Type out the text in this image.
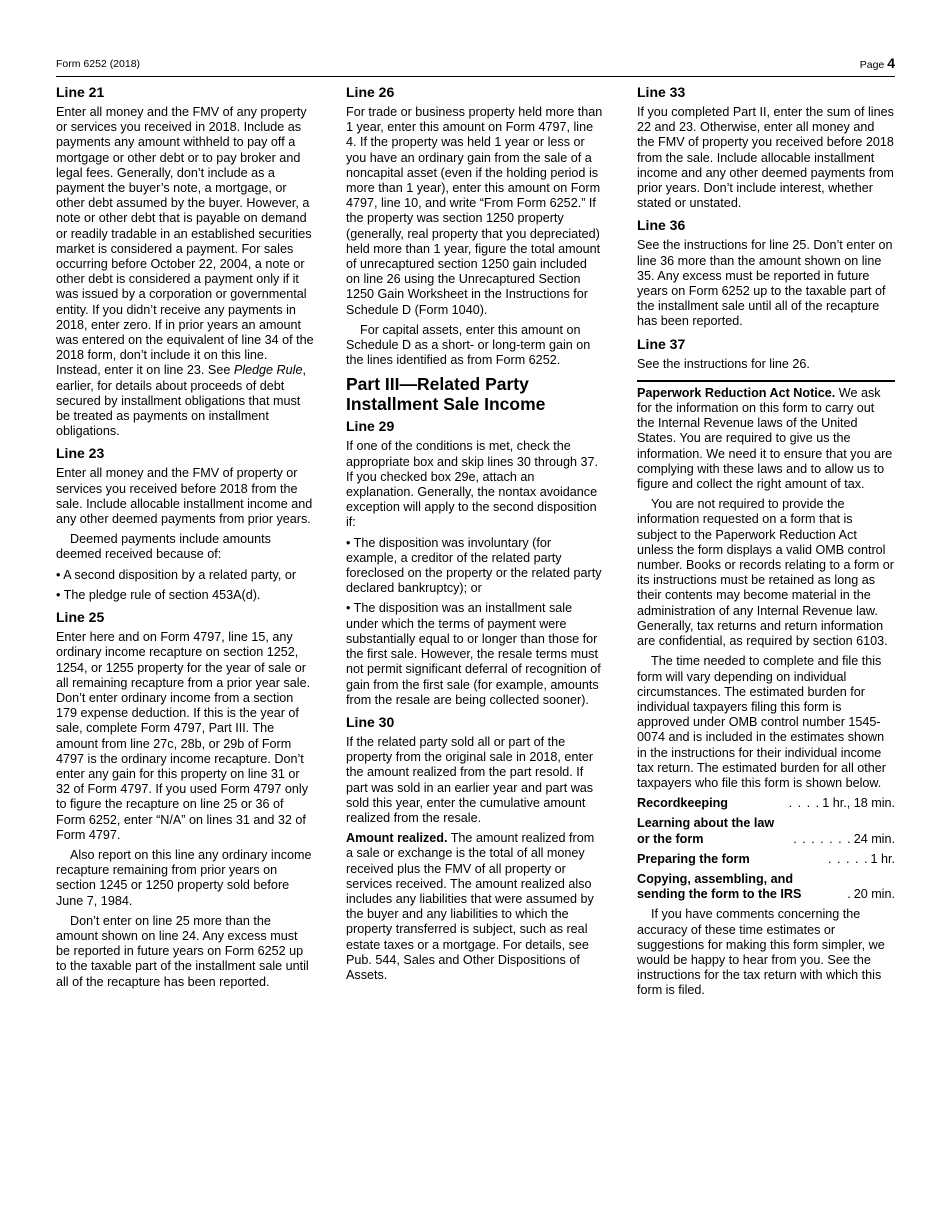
Form 6252 (2018)	Page 4
Line 21

Enter all money and the FMV of any property or services you received in 2018. Include as payments any amount withheld to pay off a mortgage or other debt or to pay broker and legal fees. Generally, don’t include as a payment the buyer’s note, a mortgage, or other debt assumed by the buyer. However, a note or other debt that is payable on demand or readily tradable in an established securities market is considered a payment. For sales occurring before October 22, 2004, a note or other debt is considered a payment only if it was issued by a corporation or governmental entity. If you didn’t receive any payments in 2018, enter zero. If in prior years an amount was entered on the equivalent of line 34 of the 2018 form, don’t include it on this line. Instead, enter it on line 23. See Pledge Rule, earlier, for details about proceeds of debt secured by installment obligations that must be treated as payments on installment obligations.

Line 23

Enter all money and the FMV of property or services you received before 2018 from the sale. Include allocable installment income and any other deemed payments from prior years.

Deemed payments include amounts deemed received because of:

• A second disposition by a related party, or

• The pledge rule of section 453A(d).

Line 25

Enter here and on Form 4797, line 15, any ordinary income recapture on section 1252, 1254, or 1255 property for the year of sale or all remaining recapture from a prior year sale. Don’t enter ordinary income from a section 179 expense deduction. If this is the year of sale, complete Form 4797, Part III. The amount from line 27c, 28b, or 29b of Form 4797 is the ordinary income recapture. Don’t enter any gain for this property on line 31 or 32 of Form 4797. If you used Form 4797 only to figure the recapture on line 25 or 36 of Form 6252, enter “N/A” on lines 31 and 32 of Form 4797.

Also report on this line any ordinary income recapture remaining from prior years on section 1245 or 1250 property sold before June 7, 1984.

Don’t enter on line 25 more than the amount shown on line 24. Any excess must be reported in future years on Form 6252 up to the taxable part of the installment sale until all of the recapture has been reported.

Line 26

For trade or business property held more than 1 year, enter this amount on Form 4797, line 4. If the property was held 1 year or less or you have an ordinary gain from the sale of a noncapital asset (even if the holding period is more than 1 year), enter this amount on Form 4797, line 10, and write “From Form 6252.” If the property was section 1250 property (generally, real property that you depreciated) held more than 1 year, figure the total amount of unrecaptured section 1250 gain included on line 26 using the Unrecaptured Section 1250 Gain Worksheet in the Instructions for Schedule D (Form 1040).

For capital assets, enter this amount on Schedule D as a short- or long-term gain on the lines identified as from Form 6252.

Part III—Related Party Installment Sale Income
Line 29

If one of the conditions is met, check the appropriate box and skip lines 30 through 37. If you checked box 29e, attach an explanation. Generally, the nontax avoidance exception will apply to the second disposition if:

• The disposition was involuntary (for example, a creditor of the related party foreclosed on the property or the related party declared bankruptcy); or

• The disposition was an installment sale under which the terms of payment were substantially equal to or longer than those for the first sale. However, the resale terms must not permit significant deferral of recognition of gain from the first sale (for example, amounts from the resale are being collected sooner).

Line 30

If the related party sold all or part of the property from the original sale in 2018, enter the amount realized from the part resold. If part was sold in an earlier year and part was sold this year, enter the cumulative amount realized from the resale.

Amount realized. The amount realized from a sale or exchange is the total of all money received plus the FMV of all property or services received. The amount realized also includes any liabilities that were assumed by the buyer and any liabilities to which the property transferred is subject, such as real estate taxes or a mortgage. For details, see Pub. 544, Sales and Other Dispositions of Assets.

Line 33

If you completed Part II, enter the sum of lines 22 and 23. Otherwise, enter all money and the FMV of property you received before 2018 from the sale. Include allocable installment income and any other deemed payments from prior years. Don’t include interest, whether stated or unstated.

Line 36

See the instructions for line 25. Don’t enter on line 36 more than the amount shown on line 35. Any excess must be reported in future years on Form 6252 up to the taxable part of the installment sale until all of the recapture has been reported.

Line 37

See the instructions for line 26.

Paperwork Reduction Act Notice. We ask for the information on this form to carry out the Internal Revenue laws of the United States. You are required to give us the information. We need it to ensure that you are complying with these laws and to allow us to figure and collect the right amount of tax.

You are not required to provide the information requested on a form that is subject to the Paperwork Reduction Act unless the form displays a valid OMB control number. Books or records relating to a form or its instructions must be retained as long as their contents may become material in the administration of any Internal Revenue law. Generally, tax returns and return information are confidential, as required by section 6103.

The time needed to complete and file this form will vary depending on individual circumstances. The estimated burden for individual taxpayers filing this form is approved under OMB control number 1545-0074 and is included in the estimates shown in the instructions for their individual income tax return. The estimated burden for all other taxpayers who file this form is shown below.

Recordkeeping	. . . . 1 hr., 18 min.
Learning about the law
or the form	. . . . . . . 24 min.
Preparing the form	. . . . . 1 hr.
Copying, assembling, and
sending the form to the IRS	. 20 min.

If you have comments concerning the accuracy of these time estimates or suggestions for making this form simpler, we would be happy to hear from you. See the instructions for the tax return with which this form is filed.
